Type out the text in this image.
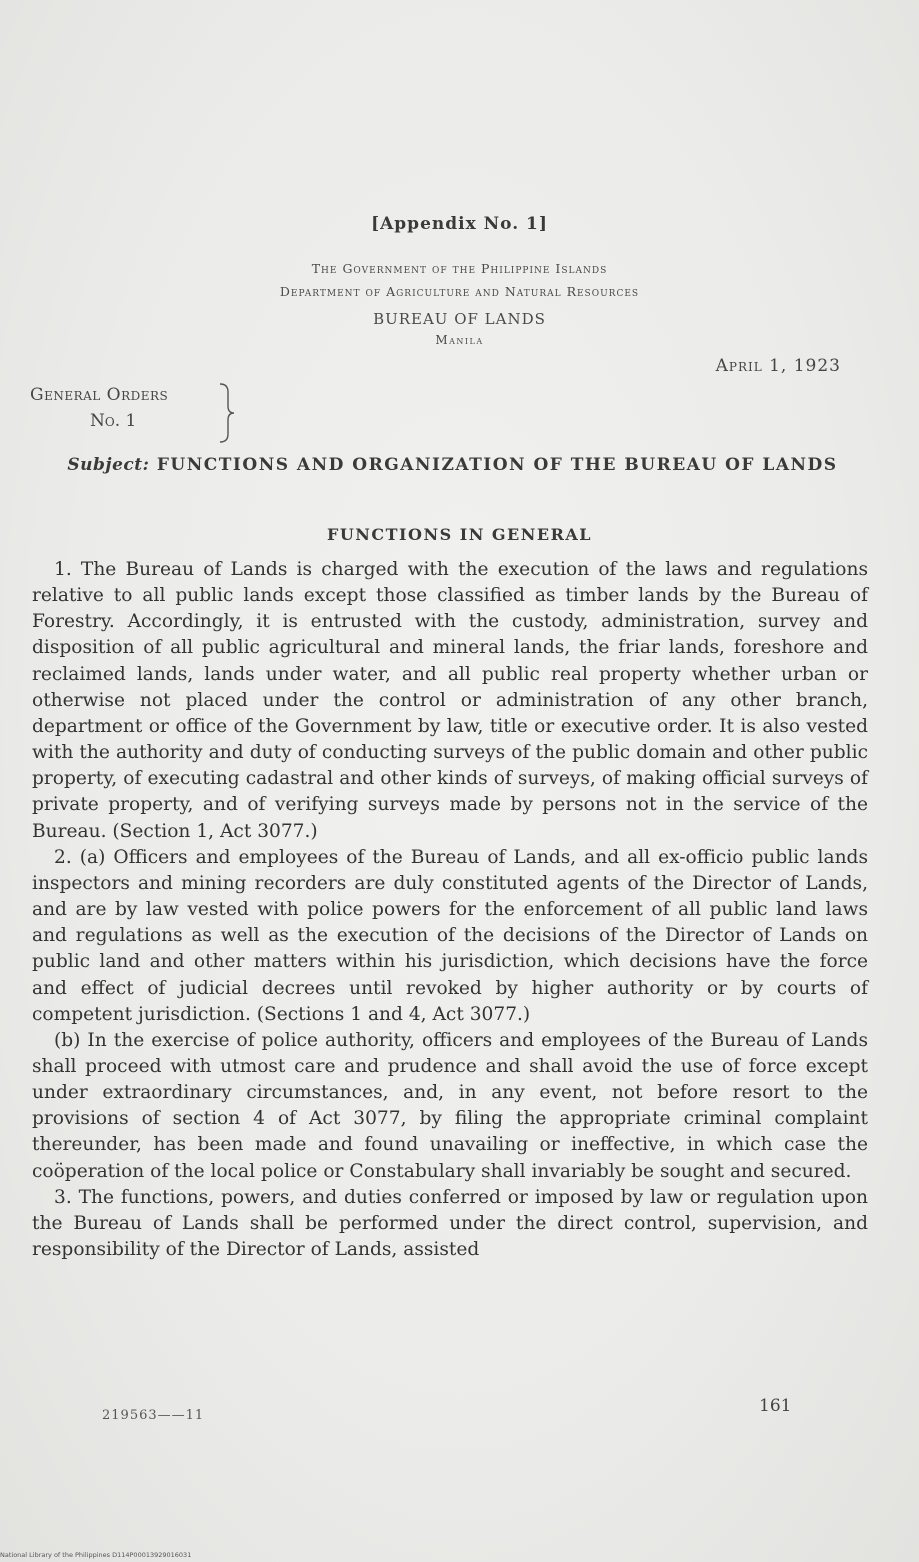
[Appendix No. 1]
The Government of the Philippine Islands
Department of Agriculture and Natural Resources
BUREAU OF LANDS
Manila
April 1, 1923
General Orders
No. 1
Subject: FUNCTIONS AND ORGANIZATION OF THE BUREAU OF LANDS
FUNCTIONS IN GENERAL

1. The Bureau of Lands is charged with the execution of the laws and regulations relative to all public lands except those classified as timber lands by the Bureau of Forestry. Accordingly, it is entrusted with the custody, administration, survey and disposition of all public agricultural and mineral lands, the friar lands, foreshore and reclaimed lands, lands under water, and all public real property whether urban or otherwise not placed under the control or administration of any other branch, department or office of the Government by law, title or executive order. It is also vested with the authority and duty of conducting surveys of the public domain and other public property, of executing cadastral and other kinds of surveys, of making official surveys of private property, and of verifying surveys made by persons not in the service of the Bureau. (Section 1, Act 3077.)

2. (a) Officers and employees of the Bureau of Lands, and all ex-officio public lands inspectors and mining recorders are duly constituted agents of the Director of Lands, and are by law vested with police powers for the enforcement of all public land laws and regulations as well as the execution of the decisions of the Director of Lands on public land and other matters within his jurisdiction, which decisions have the force and effect of judicial decrees until revoked by higher authority or by courts of competent jurisdiction. (Sections 1 and 4, Act 3077.)

(b) In the exercise of police authority, officers and employees of the Bureau of Lands shall proceed with utmost care and prudence and shall avoid the use of force except under extraordinary circumstances, and, in any event, not before resort to the provisions of section 4 of Act 3077, by filing the appropriate criminal complaint thereunder, has been made and found unavailing or ineffective, in which case the coöperation of the local police or Constabulary shall invariably be sought and secured.

3. The functions, powers, and duties conferred or imposed by law or regulation upon the Bureau of Lands shall be performed under the direct control, supervision, and responsibility of the Director of Lands, assisted

219563——11	161
National Library of the Philippines D114P00013929016031
